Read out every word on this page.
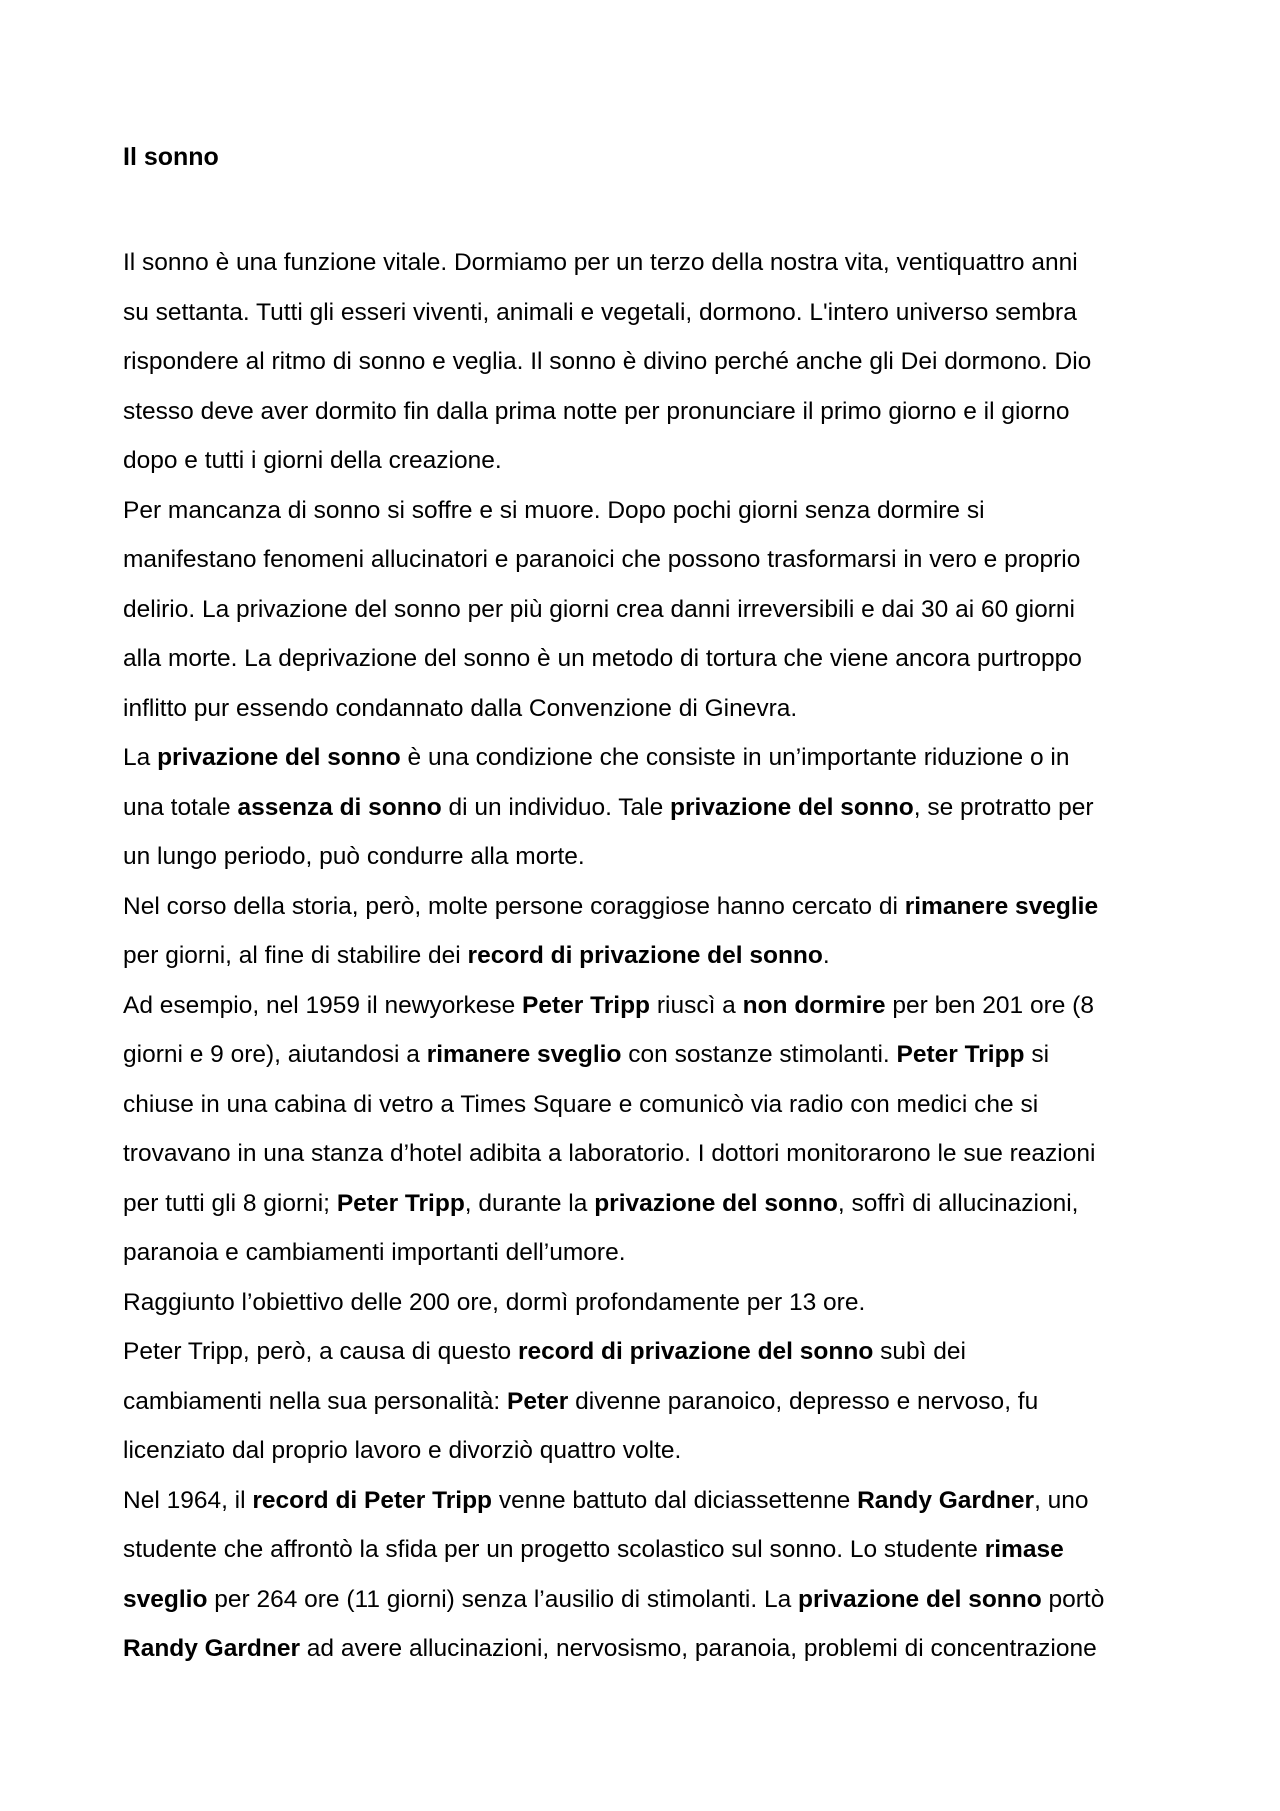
Il sonno

Il sonno è una funzione vitale. Dormiamo per un terzo della nostra vita, ventiquattro anni

su settanta. Tutti gli esseri viventi, animali e vegetali, dormono. L'intero universo sembra

rispondere al ritmo di sonno e veglia. Il sonno è divino perché anche gli Dei dormono. Dio

stesso deve aver dormito fin dalla prima notte per pronunciare il primo giorno e il giorno

dopo e tutti i giorni della creazione.

Per mancanza di sonno si soffre e si muore. Dopo pochi giorni senza dormire si

manifestano fenomeni allucinatori e paranoici che possono trasformarsi in vero e proprio

delirio. La privazione del sonno per più giorni crea danni irreversibili e dai 30 ai 60 giorni

alla morte. La deprivazione del sonno è un metodo di tortura che viene ancora purtroppo

inflitto pur essendo condannato dalla Convenzione di Ginevra.

La privazione del sonno è una condizione che consiste in un’importante riduzione o in

una totale assenza di sonno di un individuo. Tale privazione del sonno, se protratto per

un lungo periodo, può condurre alla morte.

Nel corso della storia, però, molte persone coraggiose hanno cercato di rimanere sveglie

per giorni, al fine di stabilire dei record di privazione del sonno.

Ad esempio, nel 1959 il newyorkese Peter Tripp riuscì a non dormire per ben 201 ore (8

giorni e 9 ore), aiutandosi a rimanere sveglio con sostanze stimolanti. Peter Tripp si

chiuse in una cabina di vetro a Times Square e comunicò via radio con medici che si

trovavano in una stanza d’hotel adibita a laboratorio. I dottori monitorarono le sue reazioni

per tutti gli 8 giorni; Peter Tripp, durante la privazione del sonno, soffrì di allucinazioni,

paranoia e cambiamenti importanti dell’umore.

Raggiunto l’obiettivo delle 200 ore, dormì profondamente per 13 ore.

Peter Tripp, però, a causa di questo record di privazione del sonno subì dei

cambiamenti nella sua personalità: Peter divenne paranoico, depresso e nervoso, fu

licenziato dal proprio lavoro e divorziò quattro volte.

Nel 1964, il record di Peter Tripp venne battuto dal diciassettenne Randy Gardner, uno

studente che affrontò la sfida per un progetto scolastico sul sonno. Lo studente rimase

sveglio per 264 ore (11 giorni) senza l’ausilio di stimolanti. La privazione del sonno portò

Randy Gardner ad avere allucinazioni, nervosismo, paranoia, problemi di concentrazione
